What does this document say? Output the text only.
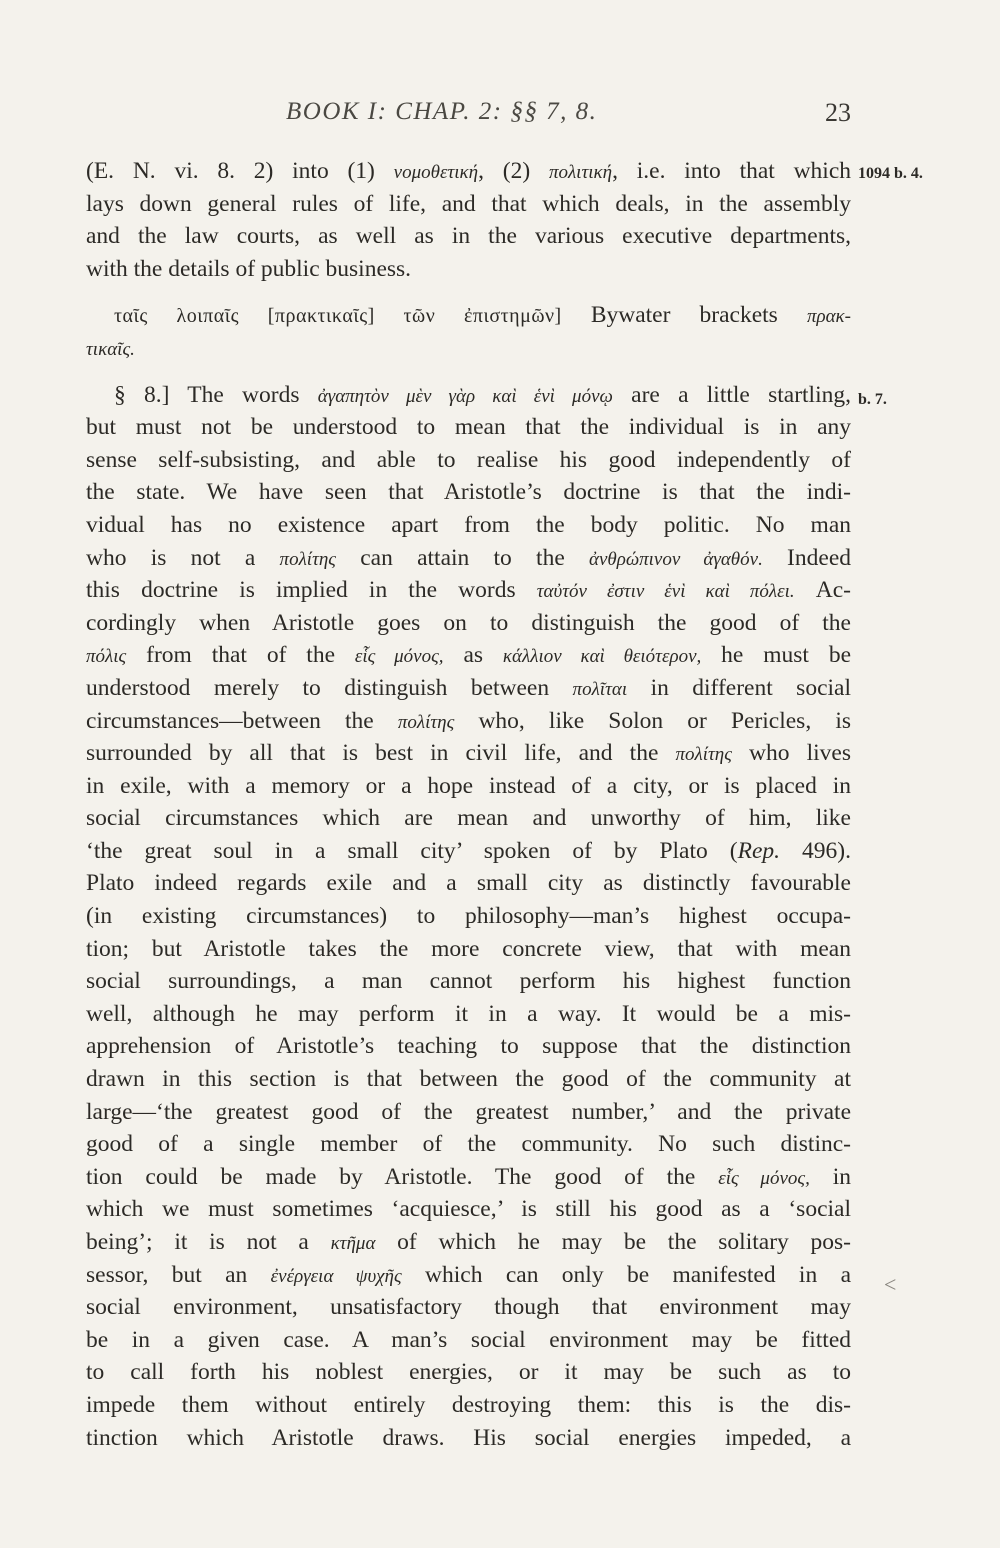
BOOK I: CHAP. 2: §§ 7, 8.	23
1094 b. 4.
b. 7.
˂
(E. N. vi. 8. 2) into (1) νομοθετική, (2) πολιτική, i.e. into that which
lays down general rules of life, and that which deals, in the assembly
and the law courts, as well as in the various executive departments,
with the details of public business.
ταῖς λοιπαῖς [πρακτικαῖς] τῶν ἐπιστημῶν] Bywater brackets πρακ-
τικαῖς.
§ 8.] The words ἀγαπητὸν μὲν γὰρ καὶ ἑνὶ μόνῳ are a little startling,
but must not be understood to mean that the individual is in any
sense self-subsisting, and able to realise his good independently of
the state. We have seen that Aristotle’s doctrine is that the indi-
vidual has no existence apart from the body politic. No man
who is not a πολίτης can attain to the ἀνθρώπινον ἀγαθόν. Indeed
this doctrine is implied in the words ταὐτόν ἐστιν ἑνὶ καὶ πόλει. Ac-
cordingly when Aristotle goes on to distinguish the good of the
πόλις from that of the εἷς μόνος, as κάλλιον καὶ θειότερον, he must be
understood merely to distinguish between πολῖται in different social
circumstances—between the πολίτης who, like Solon or Pericles, is
surrounded by all that is best in civil life, and the πολίτης who lives
in exile, with a memory or a hope instead of a city, or is placed in
social circumstances which are mean and unworthy of him, like
‘the great soul in a small city’ spoken of by Plato (Rep. 496).
Plato indeed regards exile and a small city as distinctly favourable
(in existing circumstances) to philosophy—man’s highest occupa-
tion; but Aristotle takes the more concrete view, that with mean
social surroundings, a man cannot perform his highest function
well, although he may perform it in a way. It would be a mis-
apprehension of Aristotle’s teaching to suppose that the distinction
drawn in this section is that between the good of the community at
large—‘the greatest good of the greatest number,’ and the private
good of a single member of the community. No such distinc-
tion could be made by Aristotle. The good of the εἷς μόνος, in
which we must sometimes ‘acquiesce,’ is still his good as a ‘social
being’; it is not a κτῆμα of which he may be the solitary pos-
sessor, but an ἐνέργεια ψυχῆς which can only be manifested in a
social environment, unsatisfactory though that environment may
be in a given case. A man’s social environment may be fitted
to call forth his noblest energies, or it may be such as to
impede them without entirely destroying them: this is the dis-
tinction which Aristotle draws. His social energies impeded, a
